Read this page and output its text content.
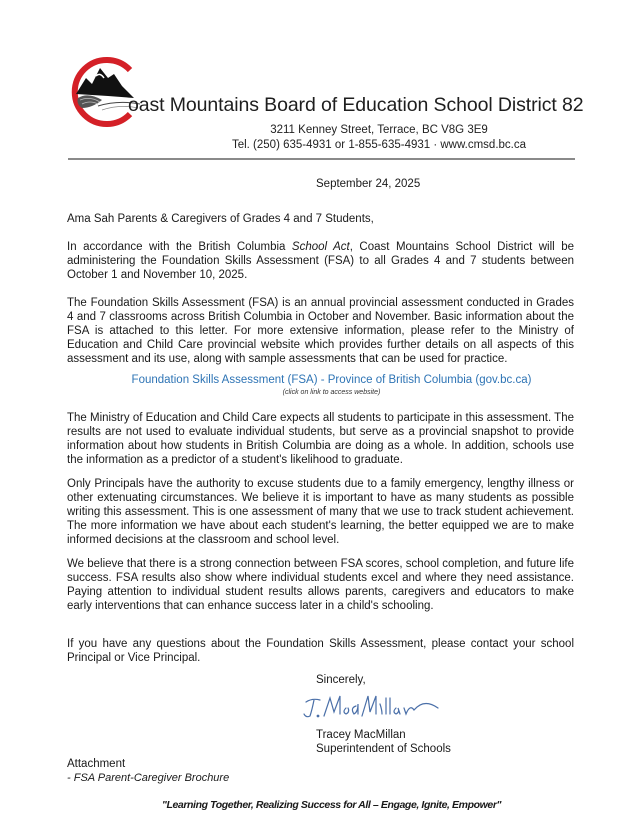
oast Mountains Board of Education School District 82
3211 Kenney Street, Terrace, BC V8G 3E9
Tel. (250) 635-4931 or 1-855-635-4931 · www.cmsd.bc.ca
September 24, 2025
Ama Sah Parents & Caregivers of Grades 4 and 7 Students,
In accordance with the British Columbia School Act, Coast Mountains School District will be administering the Foundation Skills Assessment (FSA) to all Grades 4 and 7 students between October 1 and November 10, 2025.
The Foundation Skills Assessment (FSA) is an annual provincial assessment conducted in Grades 4 and 7 classrooms across British Columbia in October and November. Basic information about the FSA is attached to this letter. For more extensive information, please refer to the Ministry of Education and Child Care provincial website which provides further details on all aspects of this assessment and its use, along with sample assessments that can be used for practice.
Foundation Skills Assessment (FSA) - Province of British Columbia (gov.bc.ca)
(click on link to access website)
The Ministry of Education and Child Care expects all students to participate in this assessment. The results are not used to evaluate individual students, but serve as a provincial snapshot to provide information about how students in British Columbia are doing as a whole. In addition, schools use the information as a predictor of a student's likelihood to graduate.
Only Principals have the authority to excuse students due to a family emergency, lengthy illness or other extenuating circumstances. We believe it is important to have as many students as possible writing this assessment. This is one assessment of many that we use to track student achievement. The more information we have about each student's learning, the better equipped we are to make informed decisions at the classroom and school level.
We believe that there is a strong connection between FSA scores, school completion, and future life success. FSA results also show where individual students excel and where they need assistance. Paying attention to individual student results allows parents, caregivers and educators to make early interventions that can enhance success later in a child's schooling.
If you have any questions about the Foundation Skills Assessment, please contact your school Principal or Vice Principal.
Sincerely,
Tracey MacMillan
Superintendent of Schools
Attachment
- FSA Parent-Caregiver Brochure
"Learning Together, Realizing Success for All – Engage, Ignite, Empower"
